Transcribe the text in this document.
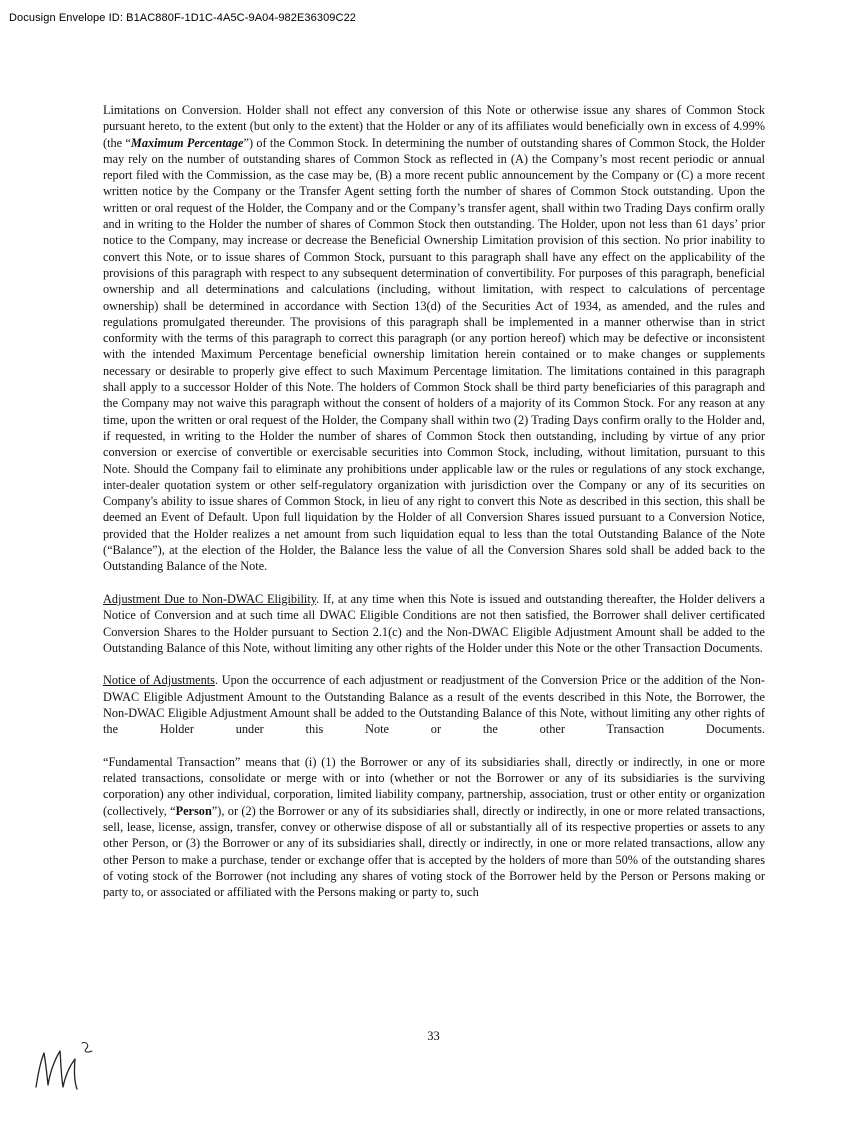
Docusign Envelope ID: B1AC880F-1D1C-4A5C-9A04-982E36309C22

Limitations on Conversion. Holder shall not effect any conversion of this Note or otherwise issue any shares of Common Stock pursuant hereto, to the extent (but only to the extent) that the Holder or any of its affiliates would beneficially own in excess of 4.99% (the “Maximum Percentage”) of the Common Stock. In determining the number of outstanding shares of Common Stock, the Holder may rely on the number of outstanding shares of Common Stock as reflected in (A) the Company’s most recent periodic or annual report filed with the Commission, as the case may be, (B) a more recent public announcement by the Company or (C) a more recent written notice by the Company or the Transfer Agent setting forth the number of shares of Common Stock outstanding. Upon the written or oral request of the Holder, the Company and or the Company’s transfer agent, shall within two Trading Days confirm orally and in writing to the Holder the number of shares of Common Stock then outstanding. The Holder, upon not less than 61 days’ prior notice to the Company, may increase or decrease the Beneficial Ownership Limitation provision of this section. No prior inability to convert this Note, or to issue shares of Common Stock, pursuant to this paragraph shall have any effect on the applicability of the provisions of this paragraph with respect to any subsequent determination of convertibility. For purposes of this paragraph, beneficial ownership and all determinations and calculations (including, without limitation, with respect to calculations of percentage ownership) shall be determined in accordance with Section 13(d) of the Securities Act of 1934, as amended, and the rules and regulations promulgated thereunder. The provisions of this paragraph shall be implemented in a manner otherwise than in strict conformity with the terms of this paragraph to correct this paragraph (or any portion hereof) which may be defective or inconsistent with the intended Maximum Percentage beneficial ownership limitation herein contained or to make changes or supplements necessary or desirable to properly give effect to such Maximum Percentage limitation. The limitations contained in this paragraph shall apply to a successor Holder of this Note. The holders of Common Stock shall be third party beneficiaries of this paragraph and the Company may not waive this paragraph without the consent of holders of a majority of its Common Stock. For any reason at any time, upon the written or oral request of the Holder, the Company shall within two (2) Trading Days confirm orally to the Holder and, if requested, in writing to the Holder the number of shares of Common Stock then outstanding, including by virtue of any prior conversion or exercise of convertible or exercisable securities into Common Stock, including, without limitation, pursuant to this Note. Should the Company fail to eliminate any prohibitions under applicable law or the rules or regulations of any stock exchange, inter-dealer quotation system or other self-regulatory organization with jurisdiction over the Company or any of its securities on Company's ability to issue shares of Common Stock, in lieu of any right to convert this Note as described in this section, this shall be deemed an Event of Default. Upon full liquidation by the Holder of all Conversion Shares issued pursuant to a Conversion Notice, provided that the Holder realizes a net amount from such liquidation equal to less than the total Outstanding Balance of the Note (“Balance”), at the election of the Holder, the Balance less the value of all the Conversion Shares sold shall be added back to the Outstanding Balance of the Note.

Adjustment Due to Non-DWAC Eligibility. If, at any time when this Note is issued and outstanding thereafter, the Holder delivers a Notice of Conversion and at such time all DWAC Eligible Conditions are not then satisfied, the Borrower shall deliver certificated Conversion Shares to the Holder pursuant to Section 2.1(c) and the Non-DWAC Eligible Adjustment Amount shall be added to the Outstanding Balance of this Note, without limiting any other rights of the Holder under this Note or the other Transaction Documents.

Notice of Adjustments. Upon the occurrence of each adjustment or readjustment of the Conversion Price or the addition of the Non-DWAC Eligible Adjustment Amount to the Outstanding Balance as a result of the events described in this Note, the Borrower, the Non-DWAC Eligible Adjustment Amount shall be added to the Outstanding Balance of this Note, without limiting any other rights of the Holder under this Note or the other Transaction Documents.

“Fundamental Transaction” means that (i) (1) the Borrower or any of its subsidiaries shall, directly or indirectly, in one or more related transactions, consolidate or merge with or into (whether or not the Borrower or any of its subsidiaries is the surviving corporation) any other individual, corporation, limited liability company, partnership, association, trust or other entity or organization (collectively, “Person”), or (2) the Borrower or any of its subsidiaries shall, directly or indirectly, in one or more related transactions, sell, lease, license, assign, transfer, convey or otherwise dispose of all or substantially all of its respective properties or assets to any other Person, or (3) the Borrower or any of its subsidiaries shall, directly or indirectly, in one or more related transactions, allow any other Person to make a purchase, tender or exchange offer that is accepted by the holders of more than 50% of the outstanding shares of voting stock of the Borrower (not including any shares of voting stock of the Borrower held by the Person or Persons making or party to, or associated or affiliated with the Persons making or party to, such

33
